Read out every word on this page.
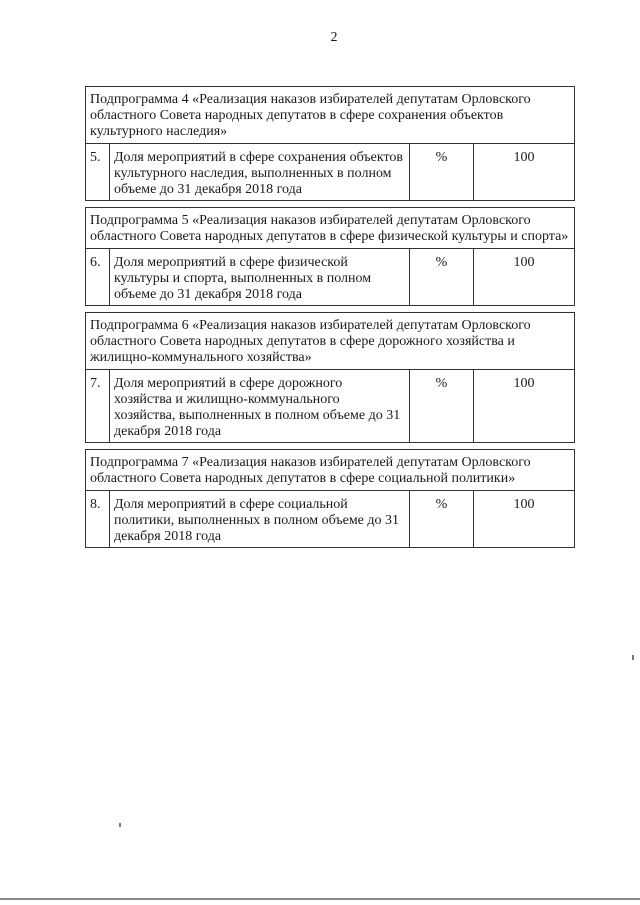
2
Подпрограмма 4 «Реализация наказов избирателей депутатам Орловского областного Совета народных депутатов в сфере сохранения объектов культурного наследия»			
5.	Доля мероприятий в сфере сохранения объектов культурного наследия, выполненных в полном объеме до 31 декабря 2018 года	%	100

Подпрограмма 5 «Реализация наказов избирателей депутатам Орловского областного Совета народных депутатов в сфере физической культуры и спорта»			
6.	Доля мероприятий в сфере физической культуры и спорта, выполненных в полном объеме до 31 декабря 2018 года	%	100

Подпрограмма 6 «Реализация наказов избирателей депутатам Орловского областного Совета народных депутатов в сфере дорожного хозяйства и жилищно-коммунального хозяйства»			
7.	Доля мероприятий в сфере дорожного хозяйства и жилищно-коммунального хозяйства, выполненных в полном объеме до 31 декабря 2018 года	%	100

Подпрограмма 7 «Реализация наказов избирателей депутатам Орловского областного Совета народных депутатов в сфере социальной политики»			
8.	Доля мероприятий в сфере социальной политики, выполненных в полном объеме до 31 декабря 2018 года	%	100
